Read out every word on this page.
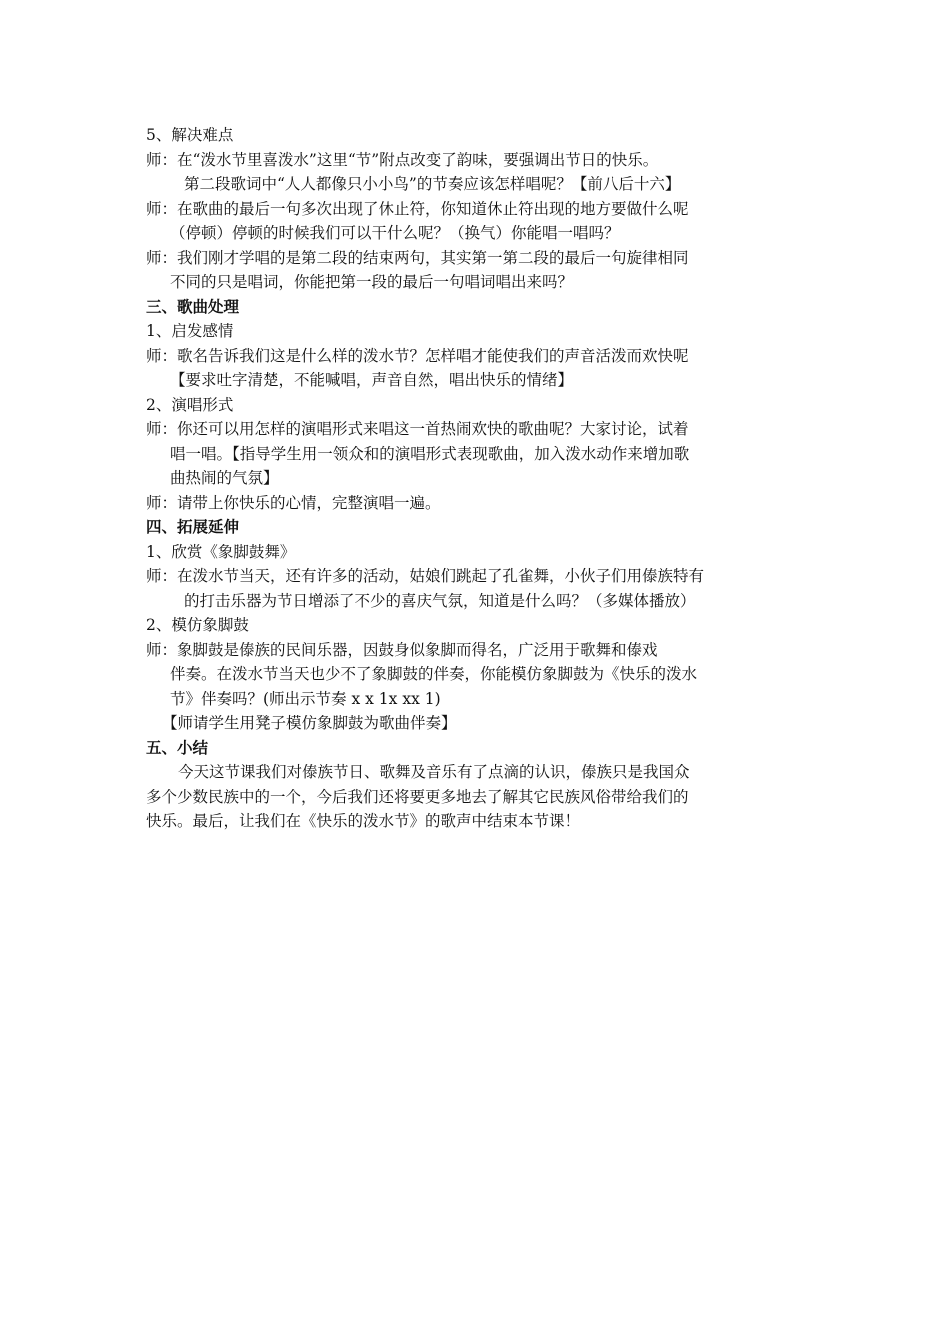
5、解决难点
师：在“泼水节里喜泼水”这里“节”附点改变了韵味，要强调出节日的快乐。
第二段歌词中“人人都像只小小鸟”的节奏应该怎样唱呢？【前八后十六】
师：在歌曲的最后一句多次出现了休止符，你知道休止符出现的地方要做什么呢
（停顿）停顿的时候我们可以干什么呢？（换气）你能唱一唱吗？
师：我们刚才学唱的是第二段的结束两句，其实第一第二段的最后一句旋律相同
不同的只是唱词，你能把第一段的最后一句唱词唱出来吗？
三、歌曲处理
1、启发感情
师：歌名告诉我们这是什么样的泼水节？怎样唱才能使我们的声音活泼而欢快呢
【要求吐字清楚，不能喊唱，声音自然，唱出快乐的情绪】
2、演唱形式
师：你还可以用怎样的演唱形式来唱这一首热闹欢快的歌曲呢？大家讨论，试着
唱一唱。【指导学生用一领众和的演唱形式表现歌曲，加入泼水动作来增加歌
曲热闹的气氛】
师：请带上你快乐的心情，完整演唱一遍。
四、拓展延伸
1、欣赏《象脚鼓舞》
师：在泼水节当天，还有许多的活动，姑娘们跳起了孔雀舞，小伙子们用傣族特有
的打击乐器为节日增添了不少的喜庆气氛，知道是什么吗？（多媒体播放）
2、模仿象脚鼓
师：象脚鼓是傣族的民间乐器，因鼓身似象脚而得名，广泛用于歌舞和傣戏
伴奏。在泼水节当天也少不了象脚鼓的伴奏，你能模仿象脚鼓为《快乐的泼水
节》伴奏吗？(师出示节奏 x x 1x xx 1)
【师请学生用凳子模仿象脚鼓为歌曲伴奏】
五、小结
今天这节课我们对傣族节日、歌舞及音乐有了点滴的认识，傣族只是我国众
多个少数民族中的一个，今后我们还将要更多地去了解其它民族风俗带给我们的
快乐。最后，让我们在《快乐的泼水节》的歌声中结束本节课！
